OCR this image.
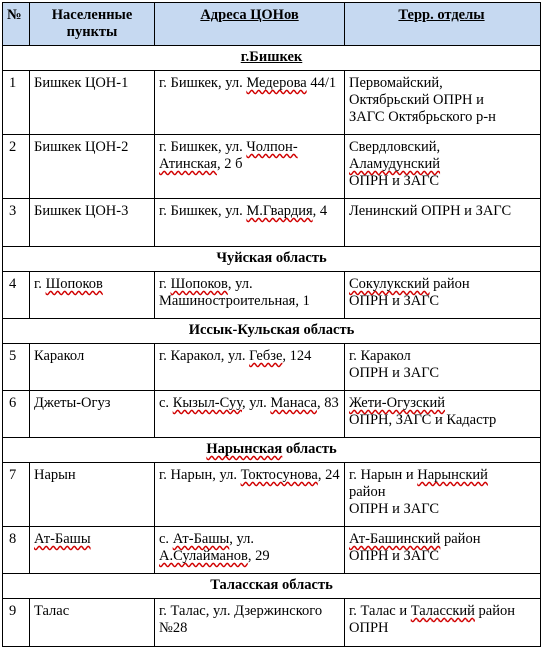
№	Населенные пункты	Адреса ЦОНов	Терр. отделы
г.Бишкек			
1	Бишкек ЦОН-1	г. Бишкек, ул. Медерова 44/1	Первомайский,
Октябрьский ОПРН и
ЗАГС Октябрьского р-н

2	Бишкек ЦОН-2	г. Бишкек, ул. Чолпон-Атинская, 2 б	Свердловский,
Аламудунский
ОПРН и ЗАГС

3	Бишкек ЦОН-3	г. Бишкек, ул. М.Гвардия, 4	Ленинский ОПРН и ЗАГС

Чуйская область			
4	г. Шопоков	г. Шопоков, ул. Машиностроительная, 1	Сокулукский район
ОПРН и ЗАГС

Иссык-Кульская область			
5	Каракол	г. Каракол, ул. Гебзе, 124	г. Каракол
ОПРН и ЗАГС

6	Джеты-Огуз	с. Кызыл-Суу, ул. Манаса, 83	Жети-Огузский
ОПРН, ЗАГС и Кадастр

Нарынская область			
7	Нарын	г. Нарын, ул. Токтосунова, 24	г. Нарын и Нарынский
район
ОПРН и ЗАГС

8	Ат-Башы	с. Ат-Башы, ул. А.Сулайманов, 29	Ат-Башинский район
ОПРН и ЗАГС

Таласская область			
9	Талас	г. Талас, ул. Дзержинского №28	г. Талас и Таласский район
ОПРН
